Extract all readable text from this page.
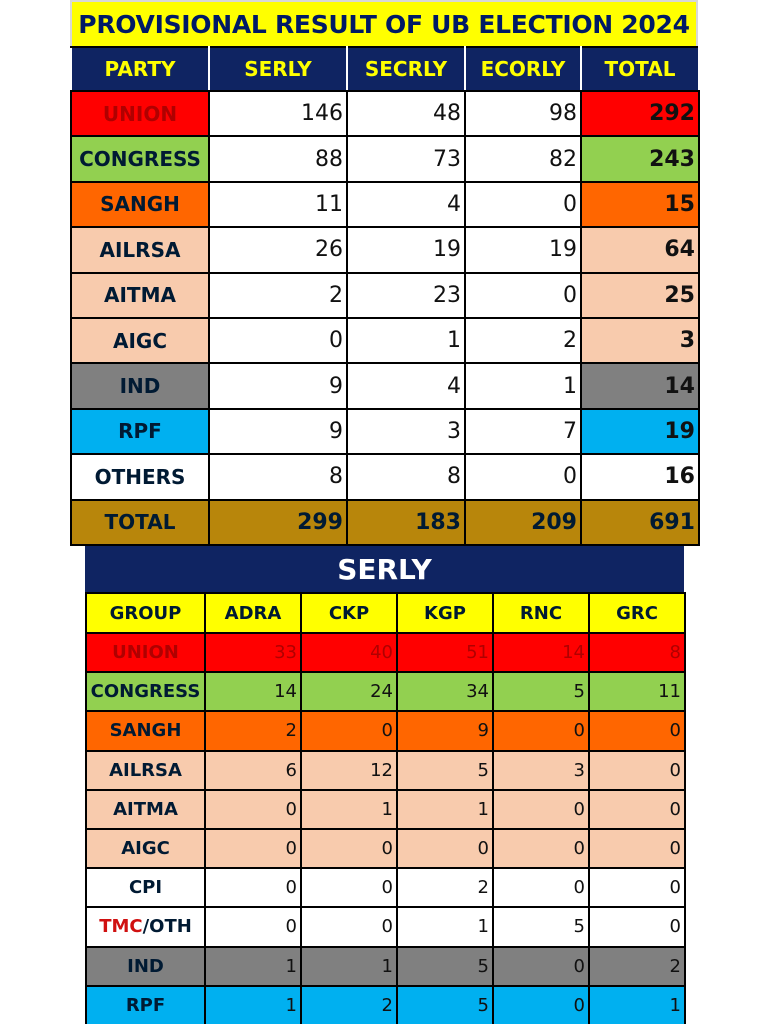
PROVISIONAL RESULT OF UB ELECTION 2024
PARTY	SERLY	SECRLY	ECORLY	TOTAL
UNION	146	48	98	292
CONGRESS	88	73	82	243
SANGH	11	4	0	15
AILRSA	26	19	19	64
AITMA	2	23	0	25
AIGC	0	1	2	3
IND	9	4	1	14
RPF	9	3	7	19
OTHERS	8	8	0	16
TOTAL	299	183	209	691
SERLY
GROUP	ADRA	CKP	KGP	RNC	GRC
UNION	33	40	51	14	8
CONGRESS	14	24	34	5	11
SANGH	2	0	9	0	0
AILRSA	6	12	5	3	0
AITMA	0	1	1	0	0
AIGC	0	0	0	0	0
CPI	0	0	2	0	0
TMC/OTH	0	0	1	5	0
IND	1	1	5	0	2
RPF	1	2	5	0	1
